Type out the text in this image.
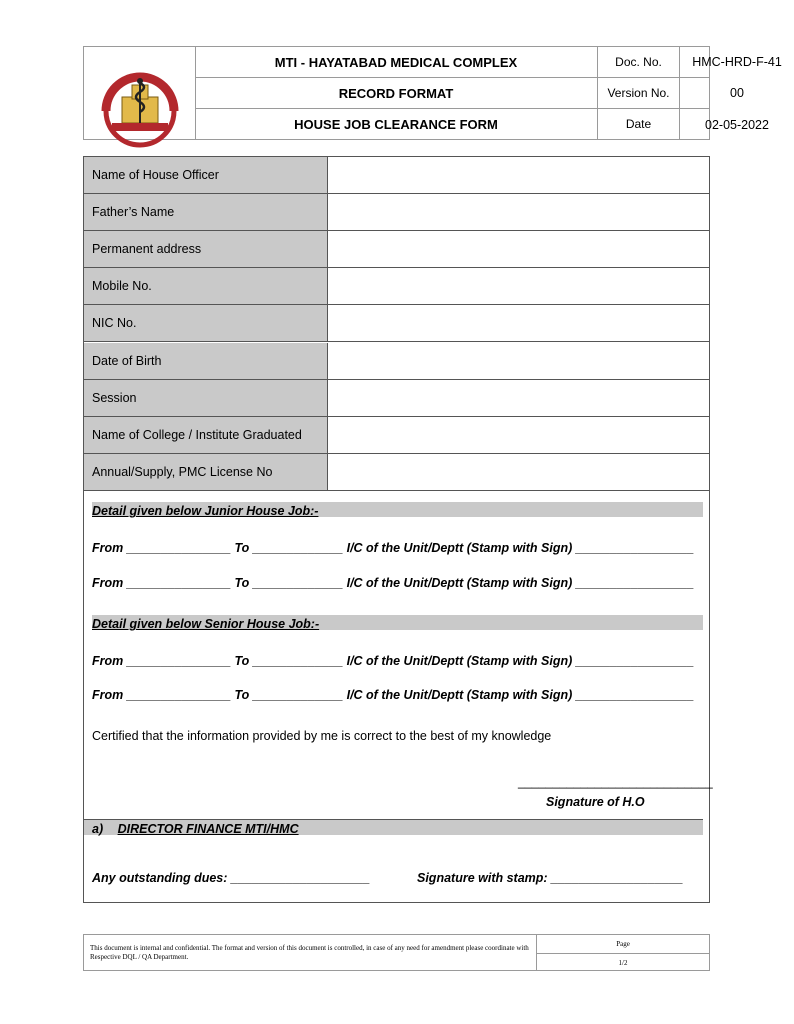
MTI - HAYATABAD MEDICAL COMPLEX	Doc. No.	HMC-HRD-F-41
RECORD FORMAT	Version No.	00
HOUSE JOB CLEARANCE FORM	Date	02-05-2022
Name of House Officer
Father’s Name
Permanent address
Mobile No.
NIC No.
Date of Birth
Session
Name of College / Institute Graduated
Annual/Supply, PMC License No
Detail given below Junior House Job:-
From _______________ To _____________ I/C of the Unit/Deptt (Stamp with Sign) _________________
From _______________ To _____________ I/C of the Unit/Deptt (Stamp with Sign) _________________
Detail given below Senior House Job:-
From _______________ To _____________ I/C of the Unit/Deptt (Stamp with Sign) _________________
From _______________ To _____________ I/C of the Unit/Deptt (Stamp with Sign) _________________
Certified that the information provided by me is correct to the best of my knowledge
____________________________
Signature of H.O
a) DIRECTOR FINANCE MTI/HMC
Any outstanding dues: ____________________	Signature with stamp: ___________________
This document is internal and confidential. The format and version of this document is controlled, in case of any need for amendment please coordinate with Respective DQL / QA Department.
Page
1/2
